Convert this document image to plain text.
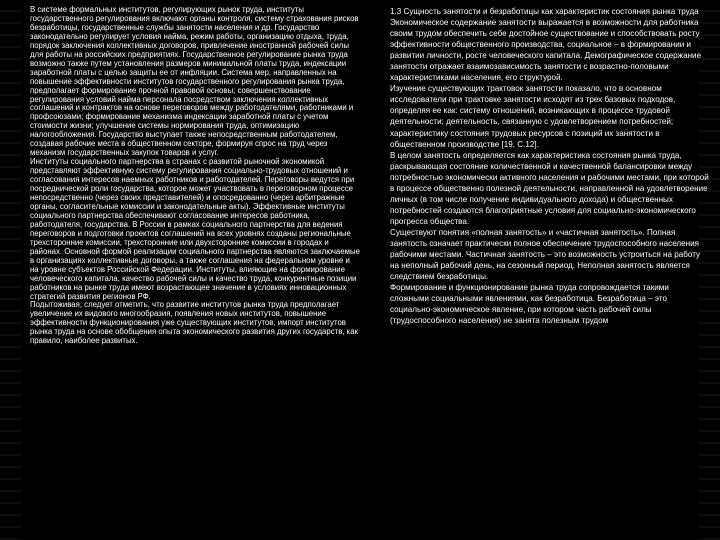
В системе формальных институтов, регулирующих рынок труда, институты государственного регулирования включают органы контроля, систему страхования рисков безработицы, государственные службы занятости населения и др. Государство законодательно регулирует условия найма, режим работы, организацию отдыха, труда, порядок заключения коллективных договоров, привлечение иностранной рабочей силы для работы на российских предприятиях. Государственное регулирование рынка труда возможно также путем установления размеров минимальной платы труда, индексации заработной платы с целью защиты ее от инфляции. Система мер, направленных на повышение эффективности институтов государственного регулирования рынка труда, предполагает формирование прочной правовой основы; совершенствование регулирования условий найма персонала посредством заключения коллективных соглашений и контрактов на основе переговоров между работодателями, работниками и профсоюзами; формирование механизма индексации заработной платы с учетом стоимости жизни; улучшение системы нормирования труда, оптимизацию налогообложения. Государство выступает также непосредственным работодателем, создавая рабочие места в общественном секторе, формируя спрос на труд через механизм государственных закупок товаров и услуг.

Институты социального партнерства в странах с развитой рыночной экономикой представляют эффективную систему регулирования социально-трудовых отношений и согласования интересов наемных работников и работодателей. Переговоры ведутся при посреднической роли государства, которое может участвовать в переговорном процессе непосредственно (через своих представителей) и опосредованно (через арбитражные органы, согласительные комиссии и законодательные акты). Эффективные институты социального партнерства обеспечивают согласование интересов работника, работодателя, государства. В России в рамках социального партнерства для ведения переговоров и подготовки проектов соглашений на всех уровнях созданы региональные трехсторонние комиссии, трехсторонние или двухсторонние комиссии в городах и районах. Основной формой реализации социального партнерства являются заключаемые в организациях коллективные договоры, а также соглашения на федеральном уровне и на уровне субъектов Российской Федерации. Институты, влияющие на формирование человеческого капитала, качество рабочей силы и качество труда, конкурентные позиции работников на рынке труда имеют возрастающее значение в условиях инновационных стратегий развития регионов РФ.

Подытоживая, следует отметить, что развитие институтов рынка труда предполагает увеличение их видового многообразия, появления новых институтов, повышение эффективности функционирования уже существующих институтов, импорт институтов рынка труда на основе обобщения опыта экономического развития других государств, как правило, наиболее развитых.

1.3 Сущность занятости и безработицы как характеристик состояния рынка труда

Экономическое содержание занятости выражается в возможности для работника своим трудом обеспечить себе достойное существование и способствовать росту эффективности общественного производства, социальное – в формировании и развитии личности, росте человеческого капитала. Демографическое содержание занятости отражает взаимозависимость занятости с возрастно-половыми характеристиками населения, его структурой.

Изучение существующих трактовок занятости показало, что в основном исследователи при трактовке занятости исходят из трех базовых подходов, определяя ее как: систему отношений, возникающих в процессе трудовой деятельности; деятельность, связанную с удовлетворением потребностей; характеристику состояния трудовых ресурсов с позиций их занятости в общественном производстве [19, С.12].

В целом занятость определяется как характеристика состояния рынка труда, раскрывающая состояние количественной и качественной балансировки между потребностью экономически активного населения и рабочими местами, при которой в процессе общественно полезной деятельности, направленной на удовлетворение личных (в том числе получение индивидуального дохода) и общественных потребностей создаются благоприятные условия для социально-экономического прогресса общества.

Существуют понятия «полная занятость» и «частичная занятость». Полная занятость означает практически полное обеспечение трудоспособного населения рабочими местами. Частичная занятость – это возможность устроиться на работу на неполный рабочий день, на сезонный период. Неполная занятость является следствием безработицы.

Формирование и функционирование рынка труда сопровождается такими сложными социальными явлениями, как безработица. Безработица – это социально-экономическое явление, при котором часть рабочей силы (трудоспособного населения) не занята полезным трудом
